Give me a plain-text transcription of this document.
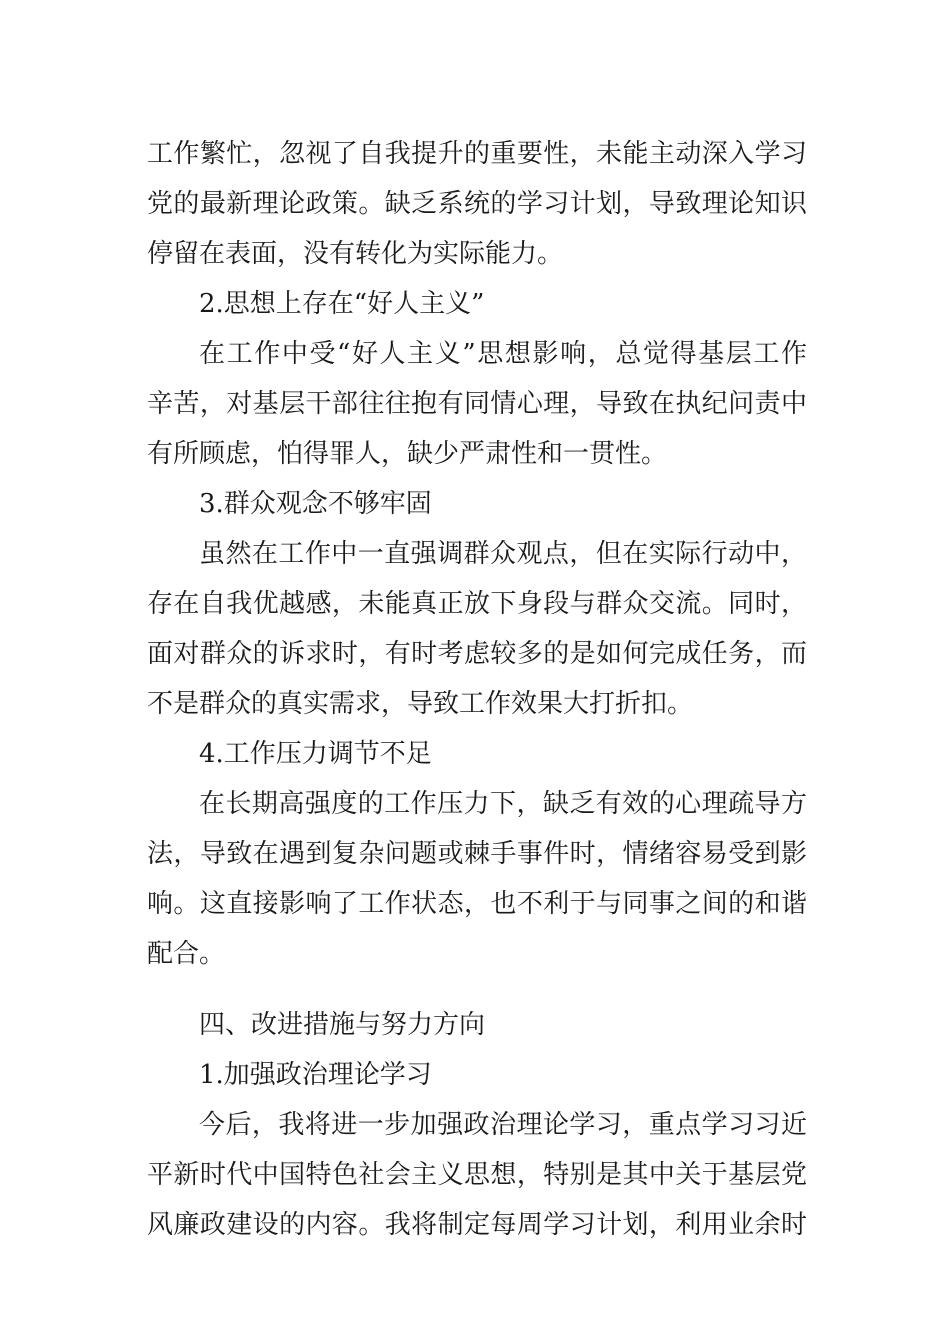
工作繁忙，忽视了自我提升的重要性，未能主动深入学习
党的最新理论政策。缺乏系统的学习计划，导致理论知识
停留在表面，没有转化为实际能力。
2.思想上存在“好人主义”
在工作中受“好人主义”思想影响，总觉得基层工作
辛苦，对基层干部往往抱有同情心理，导致在执纪问责中
有所顾虑，怕得罪人，缺少严肃性和一贯性。
3.群众观念不够牢固
虽然在工作中一直强调群众观点，但在实际行动中，
存在自我优越感，未能真正放下身段与群众交流。同时，
面对群众的诉求时，有时考虑较多的是如何完成任务，而
不是群众的真实需求，导致工作效果大打折扣。
4.工作压力调节不足
在长期高强度的工作压力下，缺乏有效的心理疏导方
法，导致在遇到复杂问题或棘手事件时，情绪容易受到影
响。这直接影响了工作状态，也不利于与同事之间的和谐
配合。
四、改进措施与努力方向
1.加强政治理论学习
今后，我将进一步加强政治理论学习，重点学习习近
平新时代中国特色社会主义思想，特别是其中关于基层党
风廉政建设的内容。我将制定每周学习计划，利用业余时
